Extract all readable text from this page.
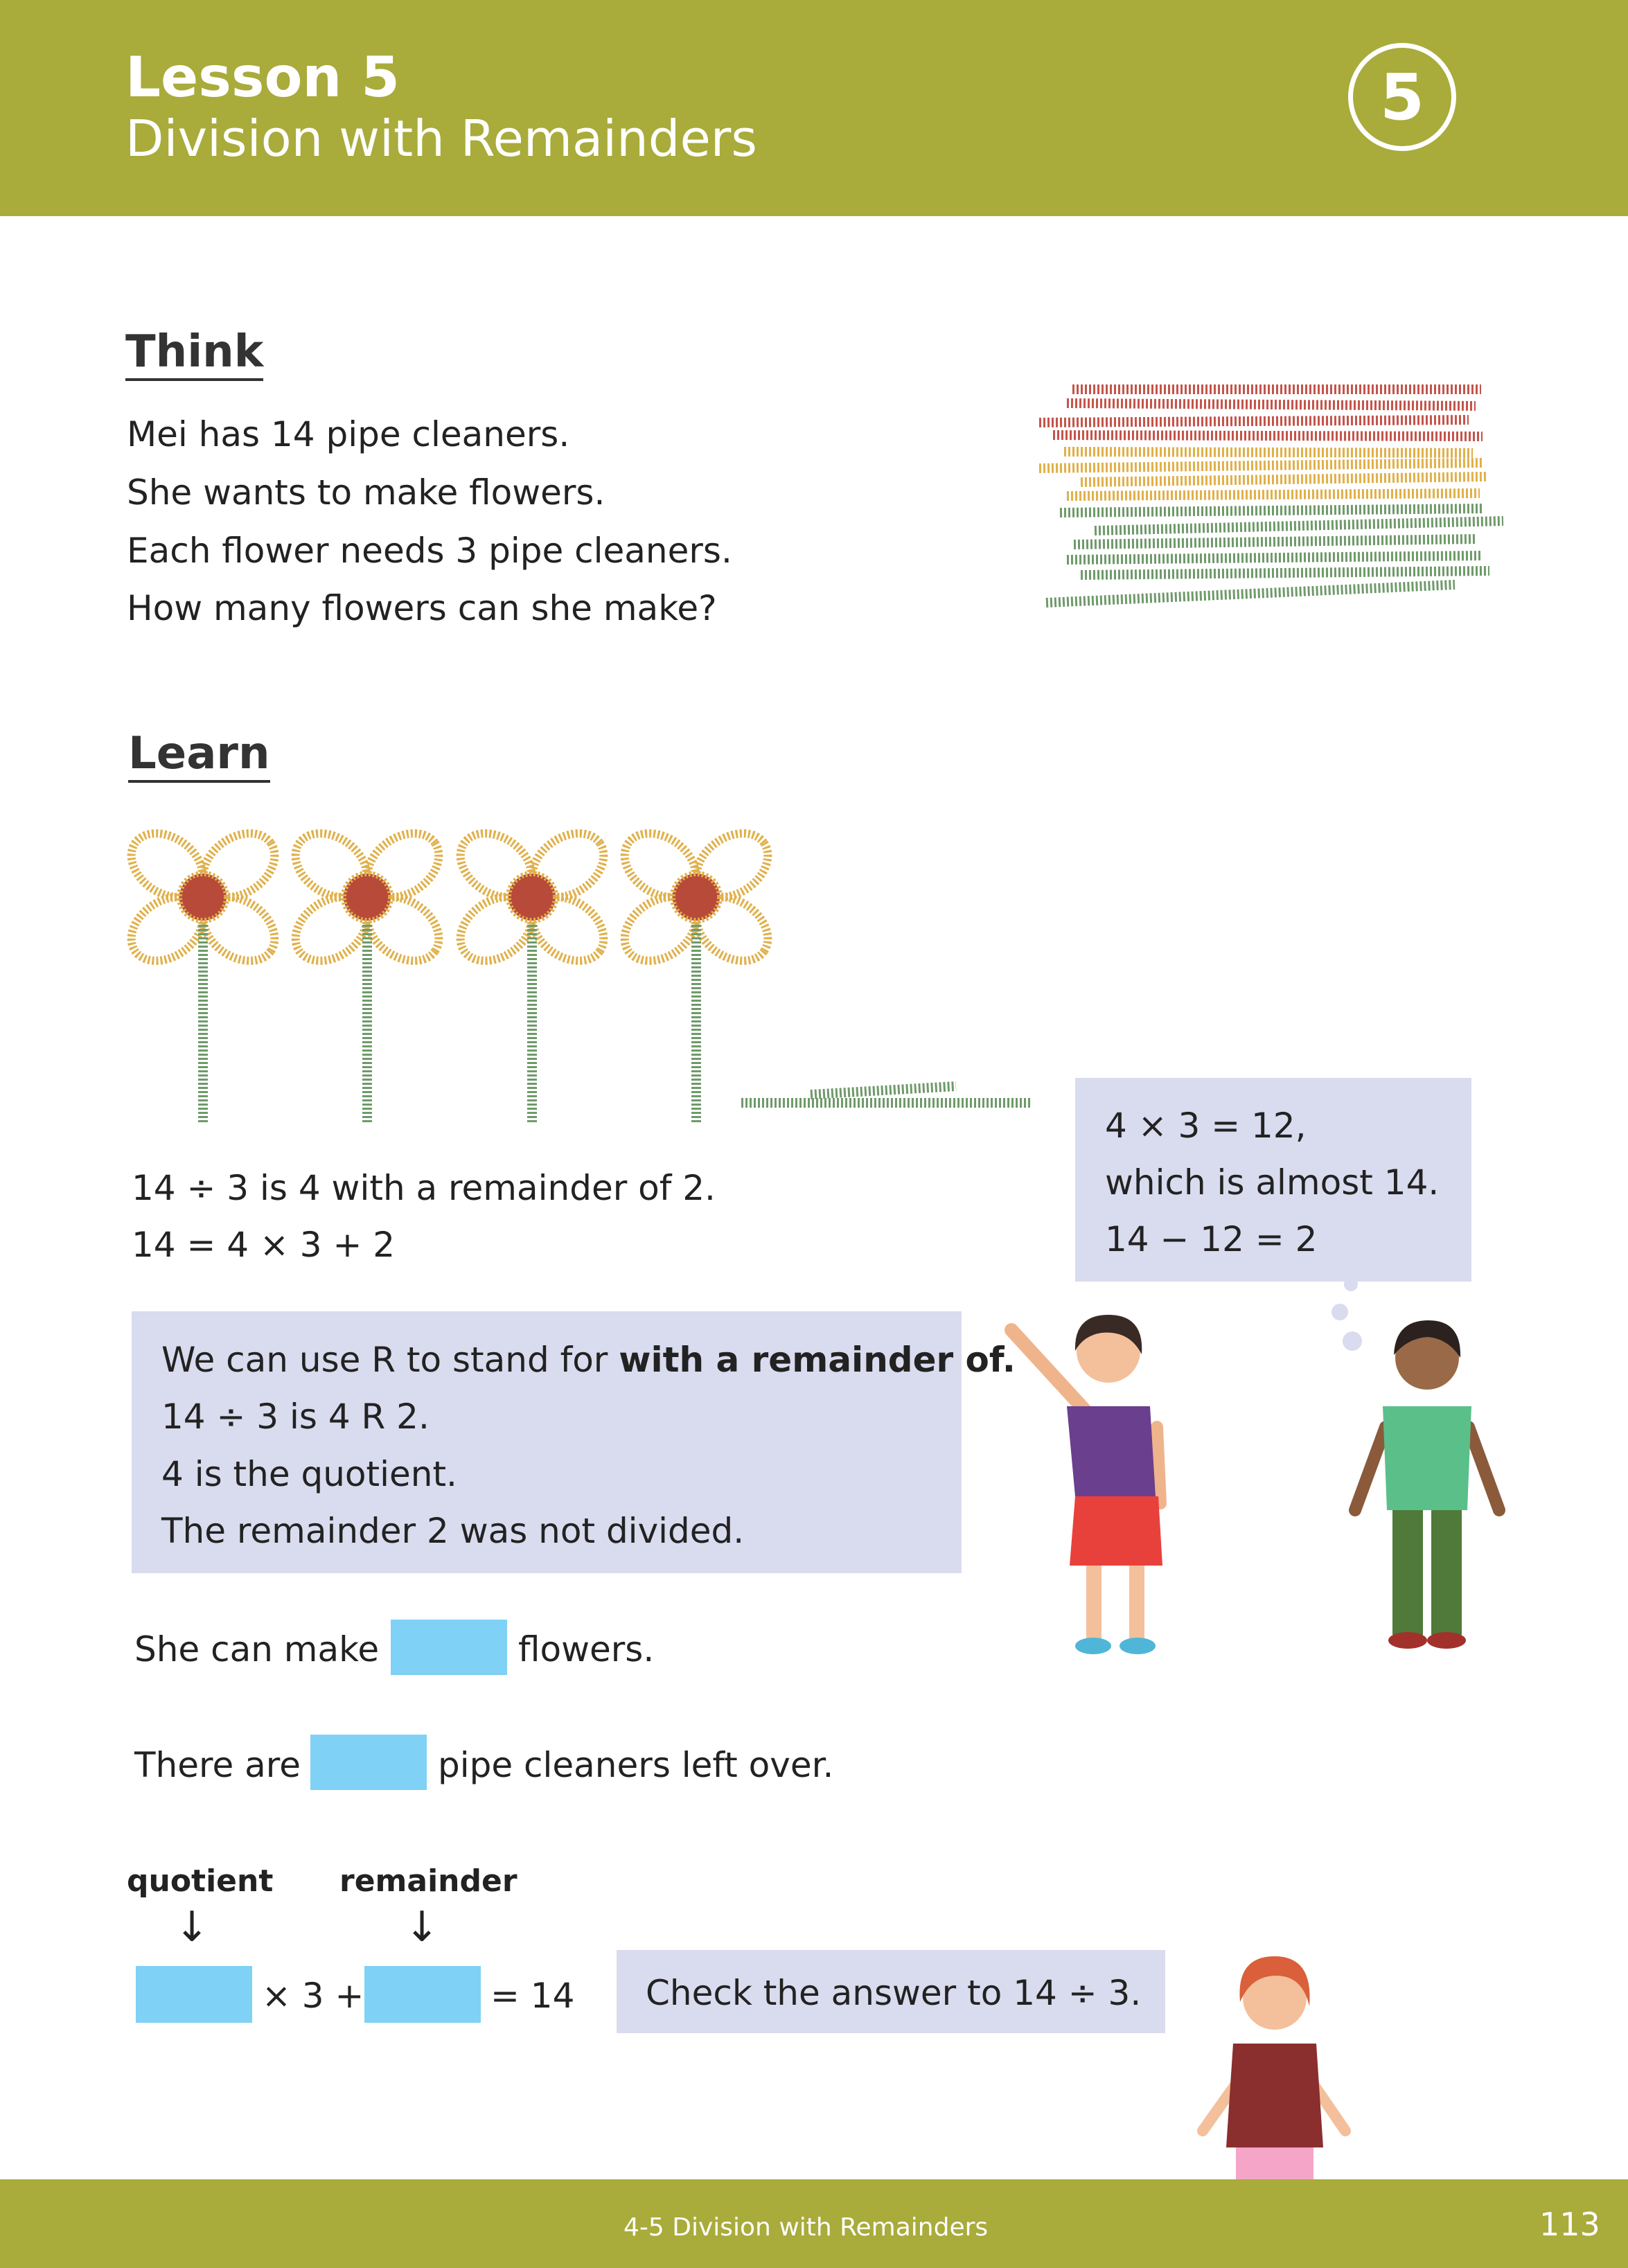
Lesson 5
Division with Remainders
5
Think
Mei has 14 pipe cleaners.
She wants to make flowers.
Each flower needs 3 pipe cleaners.
How many flowers can she make?
Learn
14 ÷ 3 is 4 with a remainder of 2.
14 = 4 × 3 + 2
4 × 3 = 12,
which is almost 14.
14 − 12 = 2
We can use R to stand for with a remainder of.
14 ÷ 3 is 4 R 2.
4 is the quotient.
The remainder 2 was not divided.
She can make	flowers.
There are	pipe cleaners left over.
quotient remainder
↓	↓
× 3 +	= 14 Check the answer to 14 ÷ 3.
4-5 Division with Remainders	113
